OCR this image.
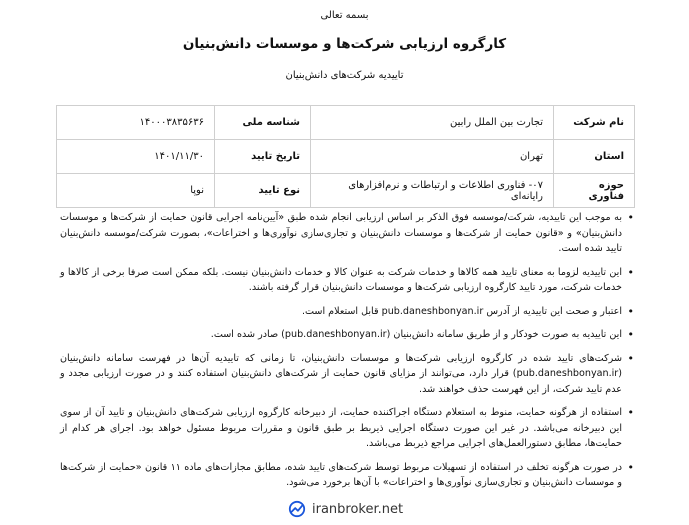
بسمه تعالی
کارگروه ارزیابی شرکت‌ها و موسسات دانش‌بنیان
تاییدیه شرکت‌های دانش‌بنیان
نام شرکت	تجارت بین الملل رابین	شناسه ملی	۱۴۰۰۰۳۸۳۵۶۳۶
استان	تهران	تاریخ تایید	۱۴۰۱/۱۱/۳۰
حوزه فناوری	۰۷- فناوری اطلاعات و ارتباطات و نرم‌افزارهای رایانه‌ای	نوع تایید	نوپا
• به موجب این تاییدیه، شرکت/موسسه فوق الذکر بر اساس ارزیابی انجام شده طبق «آیین‌نامه اجرایی قانون حمایت از شرکت‌ها و موسسات دانش‌بنیان» و «قانون حمایت از شرکت‌ها و موسسات دانش‌بنیان و تجاری‌سازی نوآوری‌ها و اختراعات»، بصورت شرکت/موسسه دانش‌بنیان تایید شده است.
• این تاییدیه لزوما به معنای تایید همه کالاها و خدمات شرکت به عنوان کالا و خدمات دانش‌بنیان نیست. بلکه ممکن است صرفا برخی از کالاها و خدمات شرکت، مورد تایید کارگروه ارزیابی شرکت‌ها و موسسات دانش‌بنیان قرار گرفته باشند.
• اعتبار و صحت این تاییدیه از آدرس pub.daneshbonyan.ir قابل استعلام است.
• این تاییدیه به صورت خودکار و از طریق سامانه دانش‌بنیان (pub.daneshbonyan.ir) صادر شده است.
• شرکت‌های تایید شده در کارگروه ارزیابی شرکت‌ها و موسسات دانش‌بنیان، تا زمانی که تاییدیه آن‌ها در فهرست سامانه دانش‌بنیان (pub.daneshbonyan.ir) قرار دارد، می‌توانند از مزایای قانون حمایت از شرکت‌های دانش‌بنیان استفاده کنند و در صورت ارزیابی مجدد و عدم تایید شرکت، از این فهرست حذف خواهند شد.
• استفاده از هرگونه حمایت، منوط به استعلام دستگاه اجراکننده حمایت، از دبیرخانه کارگروه ارزیابی شرکت‌های دانش‌بنیان و تایید آن از سوی این دبیرخانه می‌باشد. در غیر این صورت دستگاه اجرایی ذیربط بر طبق قانون و مقررات مربوط مسئول خواهد بود. اجرای هر کدام از حمایت‌ها، مطابق دستورالعمل‌های اجرایی مراجع ذیربط می‌باشد.
• در صورت هرگونه تخلف در استفاده از تسهیلات مربوط توسط شرکت‌های تایید شده، مطابق مجازات‌های ماده ۱۱ قانون «حمایت از شرکت‌ها و موسسات دانش‌بنیان و تجاری‌سازی نوآوری‌ها و اختراعات» با آن‌ها برخورد می‌شود.
iranbroker.net
